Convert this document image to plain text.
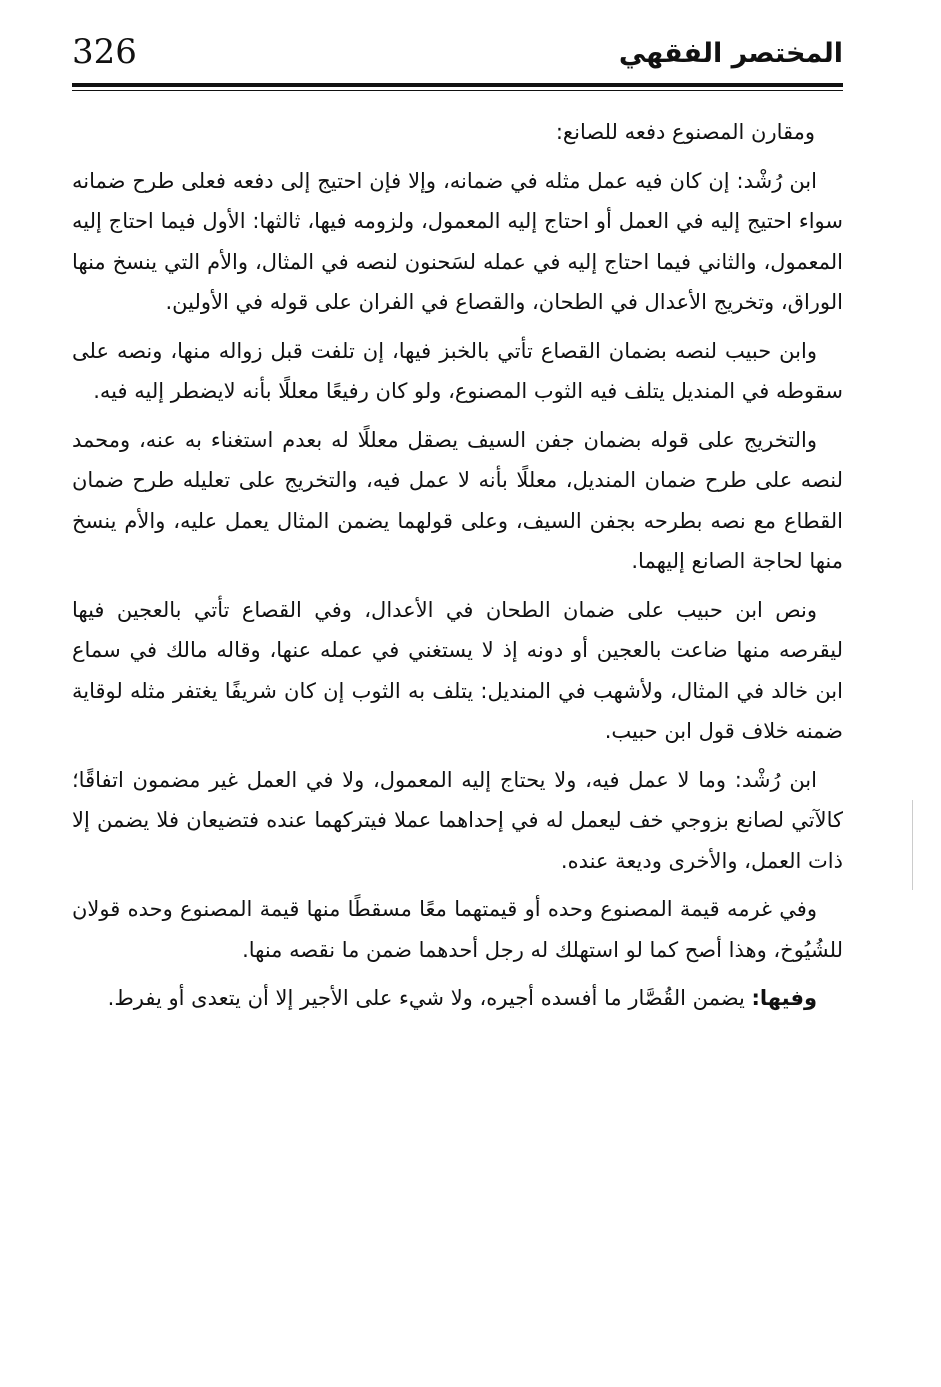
المختصر الفقهي
326

ومقارن المصنوع دفعه للصانع:

ابن رُشْد: إن كان فيه عمل مثله في ضمانه، وإلا فإن احتيج إلى دفعه فعلى طرح ضمانه سواء احتيج إليه في العمل أو احتاج إليه المعمول، ولزومه فيها، ثالثها: الأول فيما احتاج إليه المعمول، والثاني فيما احتاج إليه في عمله لسَحنون لنصه في المثال، والأم التي ينسخ منها الوراق، وتخريج الأعدال في الطحان، والقصاع في الفران على قوله في الأولين.

وابن حبيب لنصه بضمان القصاع تأتي بالخبز فيها، إن تلفت قبل زواله منها، ونصه على سقوطه في المنديل يتلف فيه الثوب المصنوع، ولو كان رفيعًا معللًا بأنه لايضطر إليه فيه.

والتخريج على قوله بضمان جفن السيف يصقل معللًا له بعدم استغناء به عنه، ومحمد لنصه على طرح ضمان المنديل، معللًا بأنه لا عمل فيه، والتخريج على تعليله طرح ضمان القطاع مع نصه بطرحه بجفن السيف، وعلى قولهما يضمن المثال يعمل عليه، والأم ينسخ منها لحاجة الصانع إليهما.

ونص ابن حبيب على ضمان الطحان في الأعدال، وفي القصاع تأتي بالعجين فيها ليقرصه منها ضاعت بالعجين أو دونه إذ لا يستغني في عمله عنها، وقاله مالك في سماع ابن خالد في المثال، ولأشهب في المنديل: يتلف به الثوب إن كان شريفًا يغتفر مثله لوقاية ضمنه خلاف قول ابن حبيب.

ابن رُشْد: وما لا عمل فيه، ولا يحتاج إليه المعمول، ولا في العمل غير مضمون اتفاقًا؛ كالآتي لصانع بزوجي خف ليعمل له في إحداهما عملا فيتركهما عنده فتضيعان فلا يضمن إلا ذات العمل، والأخرى وديعة عنده.

وفي غرمه قيمة المصنوع وحده أو قيمتهما معًا مسقطًا منها قيمة المصنوع وحده قولان للشُيُوخ، وهذا أصح كما لو استهلك له رجل أحدهما ضمن ما نقصه منها.

وفيها: يضمن القُصَّار ما أفسده أجيره، ولا شيء على الأجير إلا أن يتعدى أو يفرط.
